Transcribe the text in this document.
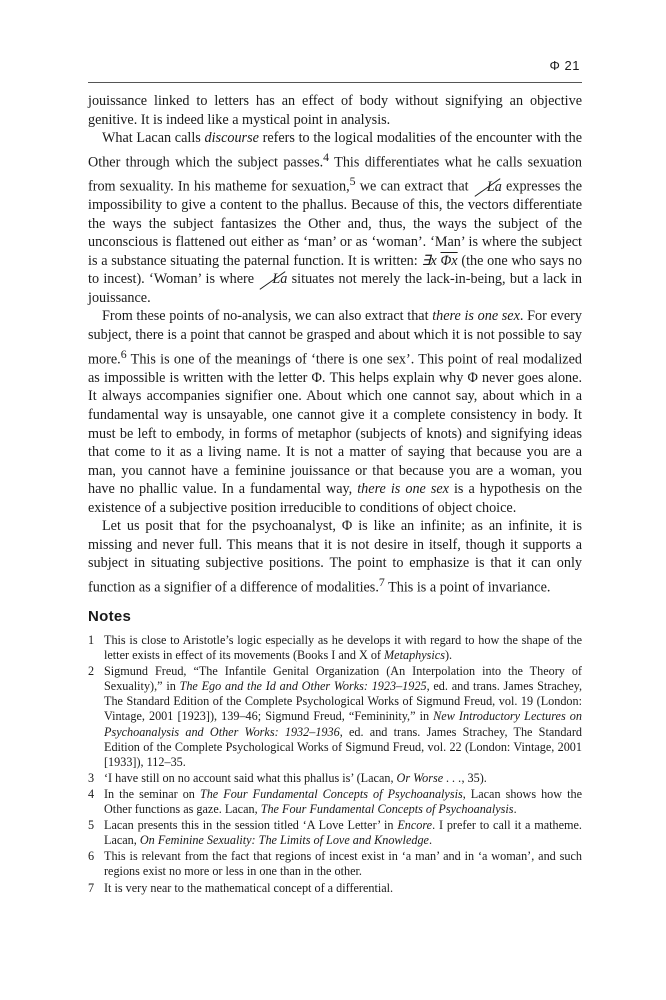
Φ 21

jouissance linked to letters has an effect of body without signifying an objective genitive. It is indeed like a mystical point in analysis.

What Lacan calls discourse refers to the logical modalities of the encounter with the Other through which the subject passes.$^4$ This differentiates what he calls sexuation from sexuality. In his matheme for sexuation,$^5$ we can extract that La expresses the impossibility to give a content to the phallus. Because of this, the vectors differentiate the ways the subject fantasizes the Other and, thus, the ways the subject of the unconscious is flattened out either as ‘man’ or as ‘woman’. ‘Man’ is where the subject is a substance situating the paternal function. It is written: ∃x $\overline{\Phi x}$ (the one who says no to incest). ‘Woman’ is where La situates not merely the lack-in-being, but a lack in jouissance.

From these points of no-analysis, we can also extract that there is one sex. For every subject, there is a point that cannot be grasped and about which it is not possible to say more.$^6$ This is one of the meanings of ‘there is one sex’. This point of real modalized as impossible is written with the letter Φ. This helps explain why Φ never goes alone. It always accompanies signifier one. About which one cannot say, about which in a fundamental way is unsayable, one cannot give it a complete consistency in body. It must be left to embody, in forms of metaphor (subjects of knots) and signifying ideas that come to it as a living name. It is not a matter of saying that because you are a man, you cannot have a feminine jouissance or that because you are a woman, you have no phallic value. In a fundamental way, there is one sex is a hypothesis on the existence of a subjective position irreducible to conditions of object choice.

Let us posit that for the psychoanalyst, Φ is like an infinite; as an infinite, it is missing and never full. This means that it is not desire in itself, though it supports a subject in situating subjective positions. The point to emphasize is that it can only function as a signifier of a difference of modalities.$^7$ This is a point of invariance.

Notes
1 This is close to Aristotle’s logic especially as he develops it with regard to how the shape of the letter exists in effect of its movements (Books I and X of Metaphysics).
2 Sigmund Freud, “The Infantile Genital Organization (An Interpolation into the Theory of Sexuality),” in The Ego and the Id and Other Works: 1923–1925, ed. and trans. James Strachey, The Standard Edition of the Complete Psychological Works of Sigmund Freud, vol. 19 (London: Vintage, 2001 [1923]), 139–46; Sigmund Freud, “Femininity,” in New Introductory Lectures on Psychoanalysis and Other Works: 1932–1936, ed. and trans. James Strachey, The Standard Edition of the Complete Psychological Works of Sigmund Freud, vol. 22 (London: Vintage, 2001 [1933]), 112–35.
3 ‘I have still on no account said what this phallus is’ (Lacan, Or Worse . . ., 35).
4 In the seminar on The Four Fundamental Concepts of Psychoanalysis, Lacan shows how the Other functions as gaze. Lacan, The Four Fundamental Concepts of Psychoanalysis.
5 Lacan presents this in the session titled ‘A Love Letter’ in Encore. I prefer to call it a matheme. Lacan, On Feminine Sexuality: The Limits of Love and Knowledge.
6 This is relevant from the fact that regions of incest exist in ‘a man’ and in ‘a woman’, and such regions exist no more or less in one than in the other.
7 It is very near to the mathematical concept of a differential.
